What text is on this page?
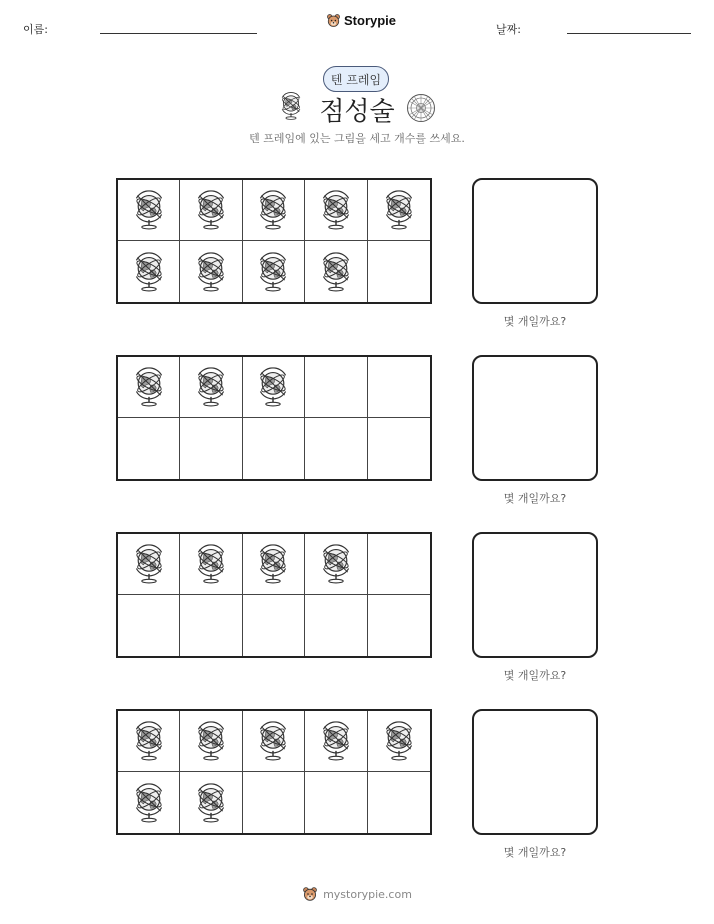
이름:
Storypie
날짜:
텐 프레임
점성술
텐 프레임에 있는 그림을 세고 개수를 쓰세요.
몇 개일까요?
몇 개일까요?
몇 개일까요?
몇 개일까요?
mystorypie.com
